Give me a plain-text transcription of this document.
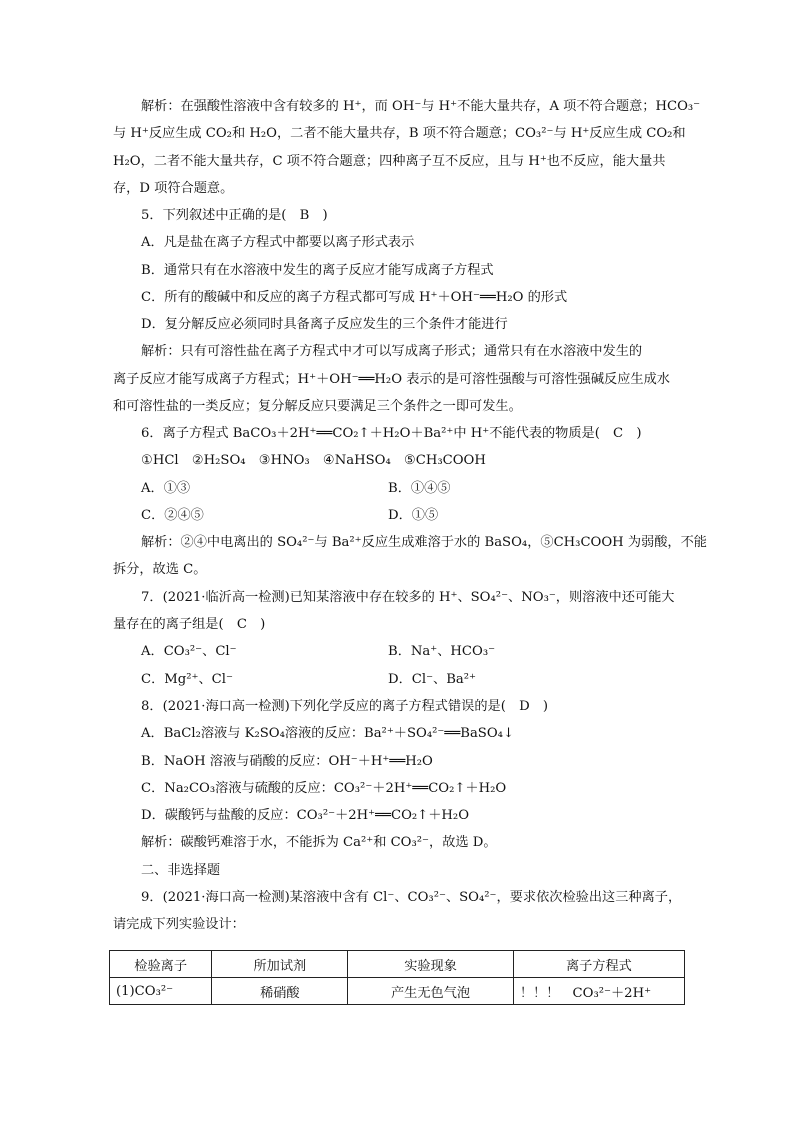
解析：在强酸性溶液中含有较多的 H⁺，而 OH⁻与 H⁺不能大量共存，A 项不符合题意；HCO₃⁻
与 H⁺反应生成 CO₂和 H₂O，二者不能大量共存，B 项不符合题意；CO₃²⁻与 H⁺反应生成 CO₂和
H₂O，二者不能大量共存，C 项不符合题意；四种离子互不反应，且与 H⁺也不反应，能大量共
存，D 项符合题意。
5．下列叙述中正确的是(　B　)
A．凡是盐在离子方程式中都要以离子形式表示
B．通常只有在水溶液中发生的离子反应才能写成离子方程式
C．所有的酸碱中和反应的离子方程式都可写成 H⁺＋OH⁻══H₂O 的形式
D．复分解反应必须同时具备离子反应发生的三个条件才能进行
解析：只有可溶性盐在离子方程式中才可以写成离子形式；通常只有在水溶液中发生的
离子反应才能写成离子方程式；H⁺＋OH⁻══H₂O 表示的是可溶性强酸与可溶性强碱反应生成水
和可溶性盐的一类反应；复分解反应只要满足三个条件之一即可发生。
6．离子方程式 BaCO₃＋2H⁺══CO₂↑＋H₂O＋Ba²⁺中 H⁺不能代表的物质是(　C　)
①HCl　②H₂SO₄　③HNO₃　④NaHSO₄　⑤CH₃COOH
A．①③	B．①④⑤
C．②④⑤	D．①⑤
解析：②④中电离出的 SO₄²⁻与 Ba²⁺反应生成难溶于水的 BaSO₄，⑤CH₃COOH 为弱酸，不能
拆分，故选 C。
7．(2021·临沂高一检测)已知某溶液中存在较多的 H⁺、SO₄²⁻、NO₃⁻，则溶液中还可能大
量存在的离子组是(　C　)
A．CO₃²⁻、Cl⁻	B．Na⁺、HCO₃⁻
C．Mg²⁺、Cl⁻	D．Cl⁻、Ba²⁺
8．(2021·海口高一检测)下列化学反应的离子方程式错误的是(　D　)
A．BaCl₂溶液与 K₂SO₄溶液的反应：Ba²⁺＋SO₄²⁻══BaSO₄↓
B．NaOH 溶液与硝酸的反应：OH⁻＋H⁺══H₂O
C．Na₂CO₃溶液与硫酸的反应：CO₃²⁻＋2H⁺══CO₂↑＋H₂O
D．碳酸钙与盐酸的反应：CO₃²⁻＋2H⁺══CO₂↑＋H₂O
解析：碳酸钙难溶于水，不能拆为 Ca²⁺和 CO₃²⁻，故选 D。
二、非选择题
9．(2021·海口高一检测)某溶液中含有 Cl⁻、CO₃²⁻、SO₄²⁻，要求依次检验出这三种离子，
请完成下列实验设计：
检验离子	所加试剂	实验现象	离子方程式
(1)CO₃²⁻	稀硝酸	产生无色气泡	！！！　CO₃²⁻＋2H⁺
